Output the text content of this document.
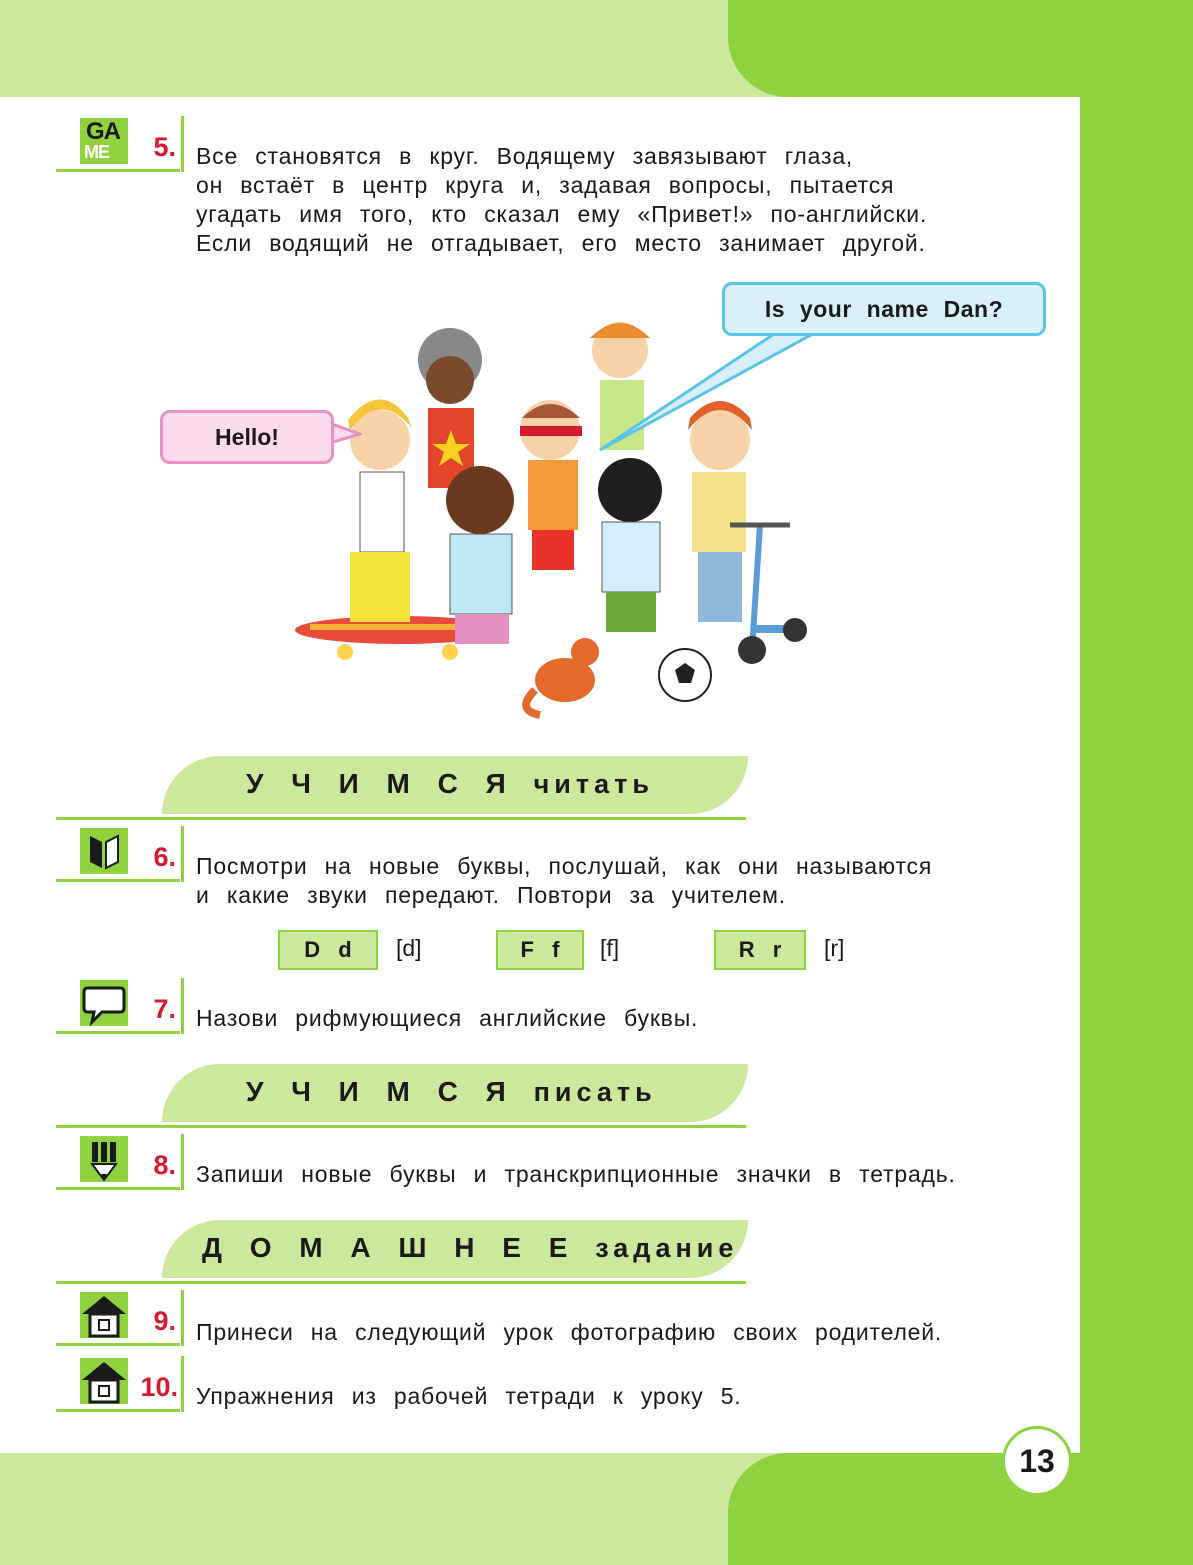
GA
ME 5. Все становятся в круг. Водящему завязывают глаза,
он встаёт в центр круга и, задавая вопросы, пытается
угадать имя того, кто сказал ему «Привет!» по-английски.
Если водящий не отгадывает, его место занимает другой.
Is your name Dan?
Hello!
У Ч И М С Я читать
6. Посмотри на новые буквы, послушай, как они называются
и какие звуки передают. Повтори за учителем.
D d	[d]	F f	[f]	R r	[r]
7. Назови рифмующиеся английские буквы.
У Ч И М С Я писать
8. Запиши новые буквы и транскрипционные значки в тетрадь.
Д О М А Ш Н Е Е задание
9. Принеси на следующий урок фотографию своих родителей.
10. Упражнения из рабочей тетради к уроку 5.
13
